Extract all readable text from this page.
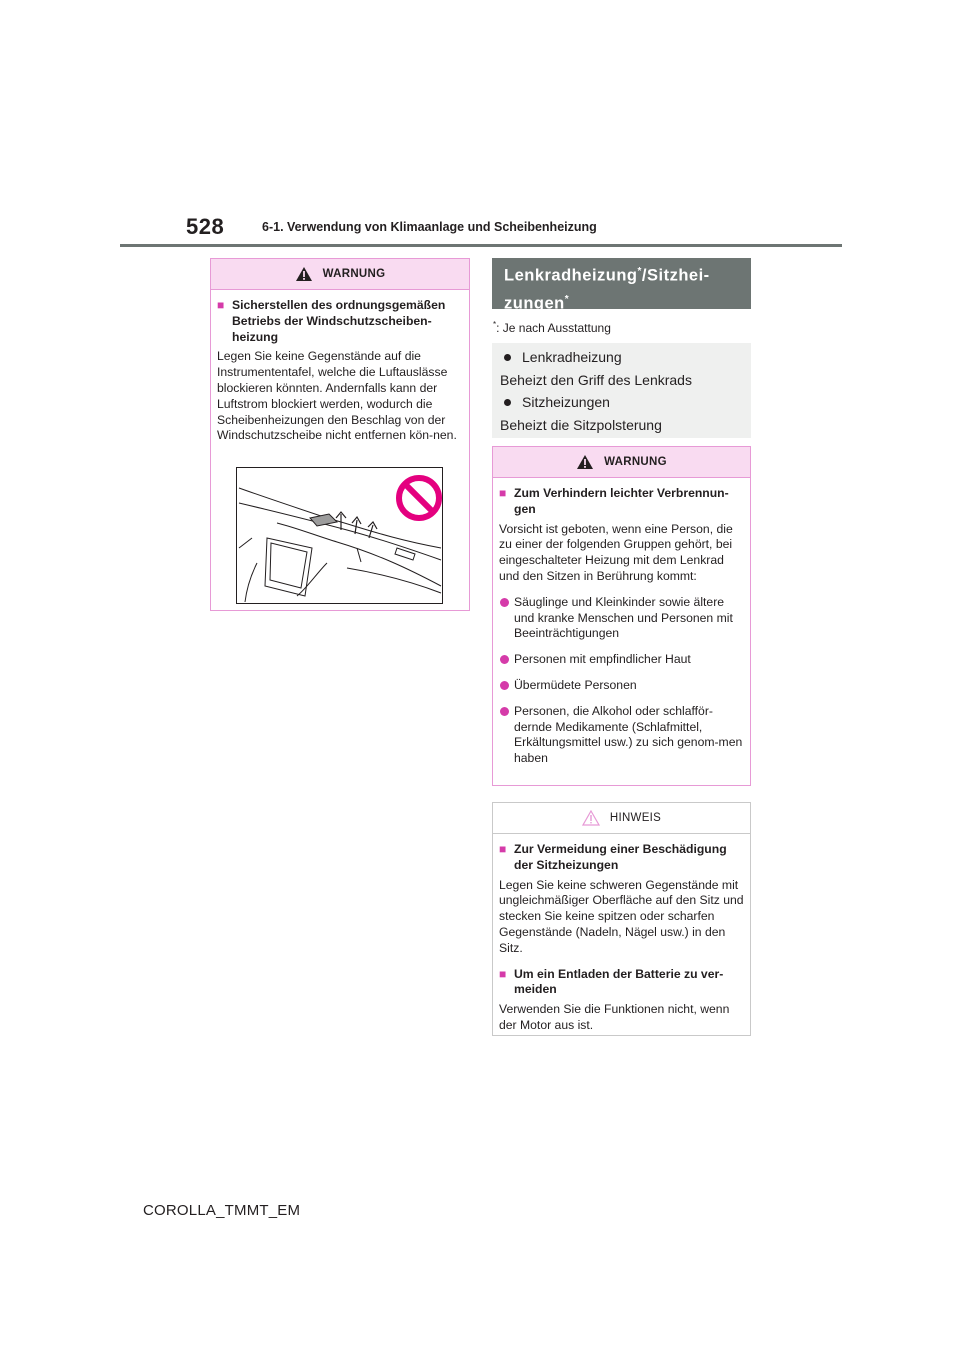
528	6-1. Verwendung von Klimaanlage und Scheibenheizung
WARNUNG
■ Sicherstellen des ordnungsgemäßen Betriebs der Windschutzscheiben-heizung
Legen Sie keine Gegenstände auf die Instrumententafel, welche die Luftauslässe blockieren könnten. Andernfalls kann der Luftstrom blockiert werden, wodurch die Scheibenheizungen den Beschlag von der Windschutzscheibe nicht entfernen kön-nen.
Lenkradheizung*/Sitzhei-
zungen*
*: Je nach Ausstattung
Lenkradheizung
Beheizt den Griff des Lenkrads
Sitzheizungen
Beheizt die Sitzpolsterung
WARNUNG
■ Zum Verhindern leichter Verbrennun-gen
Vorsicht ist geboten, wenn eine Person, die zu einer der folgenden Gruppen gehört, bei eingeschalteter Heizung mit dem Lenkrad und den Sitzen in Berührung kommt:
Säuglinge und Kleinkinder sowie ältere und kranke Menschen und Personen mit Beeinträchtigungen
Personen mit empfindlicher Haut
Übermüdete Personen
Personen, die Alkohol oder schlafför-dernde Medikamente (Schlafmittel, Erkältungsmittel usw.) zu sich genom-men haben
HINWEIS
■ Zur Vermeidung einer Beschädigung der Sitzheizungen
Legen Sie keine schweren Gegenstände mit ungleichmäßiger Oberfläche auf den Sitz und stecken Sie keine spitzen oder scharfen Gegenstände (Nadeln, Nägel usw.) in den Sitz.
■ Um ein Entladen der Batterie zu ver-meiden
Verwenden Sie die Funktionen nicht, wenn der Motor aus ist.
COROLLA_TMMT_EM
